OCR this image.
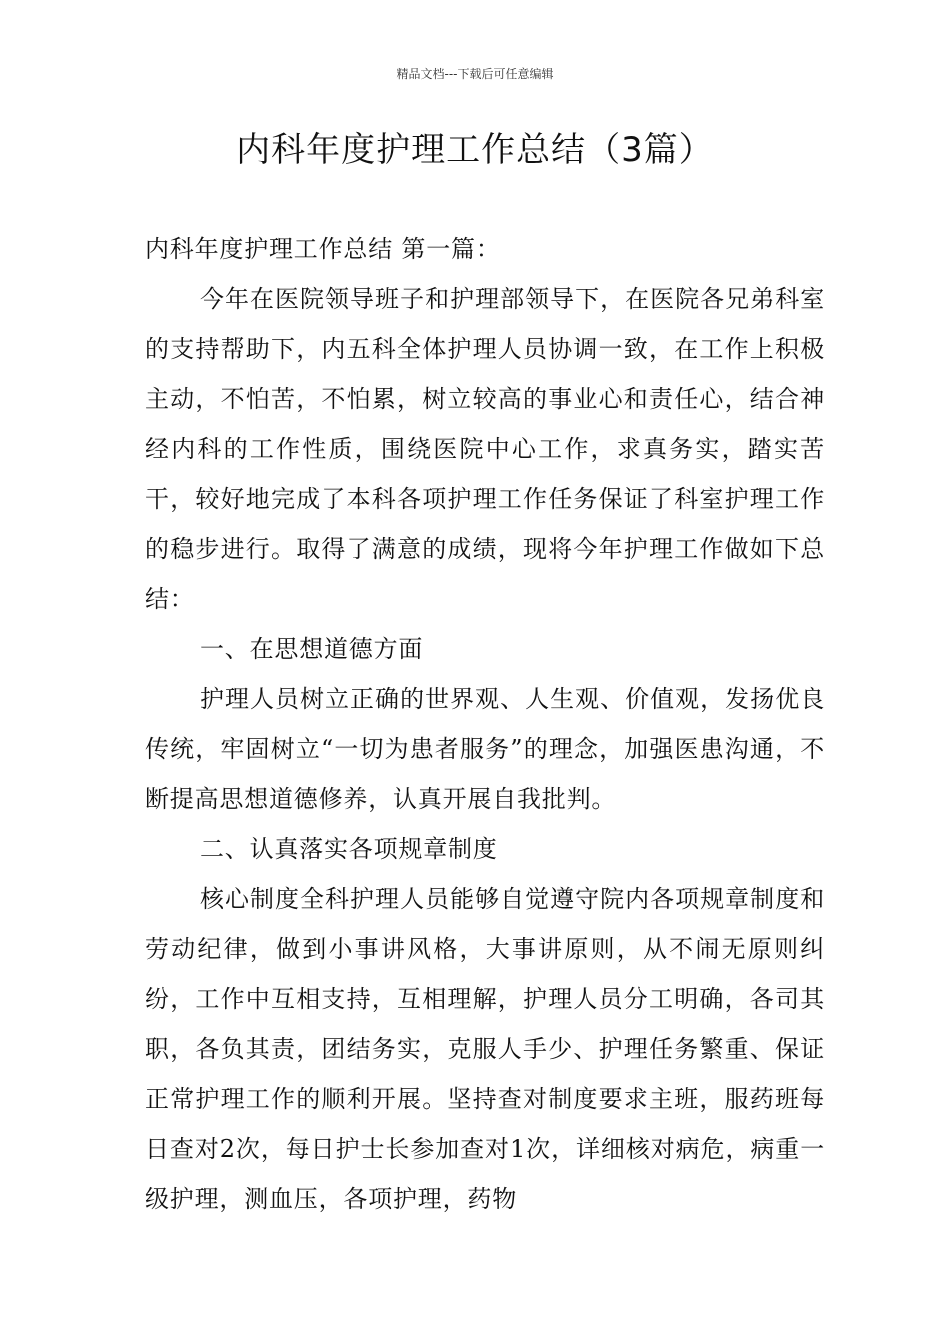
精品文档---下载后可任意编辑
内科年度护理工作总结（3篇）

内科年度护理工作总结 第一篇：

今年在医院领导班子和护理部领导下，在医院各兄弟科室的支持帮助下，内五科全体护理人员协调一致，在工作上积极主动，不怕苦，不怕累，树立较高的事业心和责任心，结合神经内科的工作性质，围绕医院中心工作，求真务实，踏实苦干，较好地完成了本科各项护理工作任务保证了科室护理工作的稳步进行。取得了满意的成绩，现将今年护理工作做如下总结：

一、在思想道德方面

护理人员树立正确的世界观、人生观、价值观，发扬优良传统，牢固树立“一切为患者服务”的理念，加强医患沟通，不断提高思想道德修养，认真开展自我批判。

二、认真落实各项规章制度

核心制度全科护理人员能够自觉遵守院内各项规章制度和劳动纪律，做到小事讲风格，大事讲原则，从不闹无原则纠纷，工作中互相支持，互相理解，护理人员分工明确，各司其职，各负其责，团结务实，克服人手少、护理任务繁重、保证正常护理工作的顺利开展。坚持查对制度要求主班，服药班每日查对2次，每日护士长参加查对1次，详细核对病危，病重一级护理，测血压，各项护理，药物
